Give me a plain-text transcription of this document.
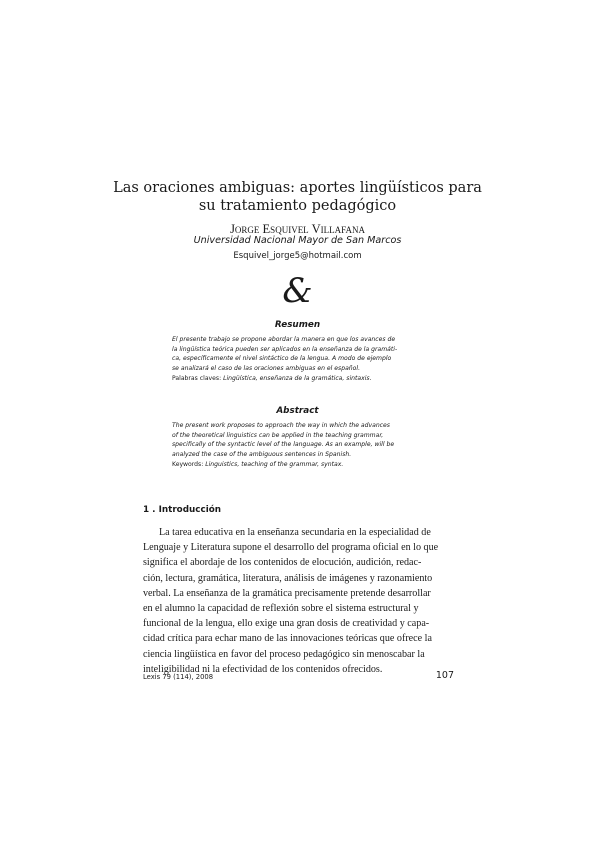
Las oraciones ambiguas: aportes lingüísticos para
su tratamiento pedagógico
Jorge Esquivel Villafana
Universidad Nacional Mayor de San Marcos
Esquivel_jorge5@hotmail.com
&
Resumen
El presente trabajo se propone abordar la manera en que los avances de
la lingüística teórica pueden ser aplicados en la enseñanza de la gramáti-
ca, específicamente el nivel sintáctico de la lengua. A modo de ejemplo
se analizará el caso de las oraciones ambiguas en el español.
Palabras claves: Lingüística, enseñanza de la gramática, sintaxis.
Abstract
The present work proposes to approach the way in which the advances
of the theoretical linguistics can be applied in the teaching grammar,
specifically of the syntactic level of the language. As an example, will be
analyzed the case of the ambiguous sentences in Spanish.
Keywords: Linguistics, teaching of the grammar, syntax.
1 . Introducción
La tarea educativa en la enseñanza secundaria en la especialidad de
Lenguaje y Literatura supone el desarrollo del programa oficial en lo que
significa el abordaje de los contenidos de elocución, audición, redac-
ción, lectura, gramática, literatura, análisis de imágenes y razonamiento
verbal. La enseñanza de la gramática precisamente pretende desarrollar
en el alumno la capacidad de reflexión sobre el sistema estructural y
funcional de la lengua, ello exige una gran dosis de creatividad y capa-
cidad crítica para echar mano de las innovaciones teóricas que ofrece la
ciencia lingüística en favor del proceso pedagógico sin menoscabar la
inteligibilidad ni la efectividad de los contenidos ofrecidos.
Lexis 79 (114), 2008	107
